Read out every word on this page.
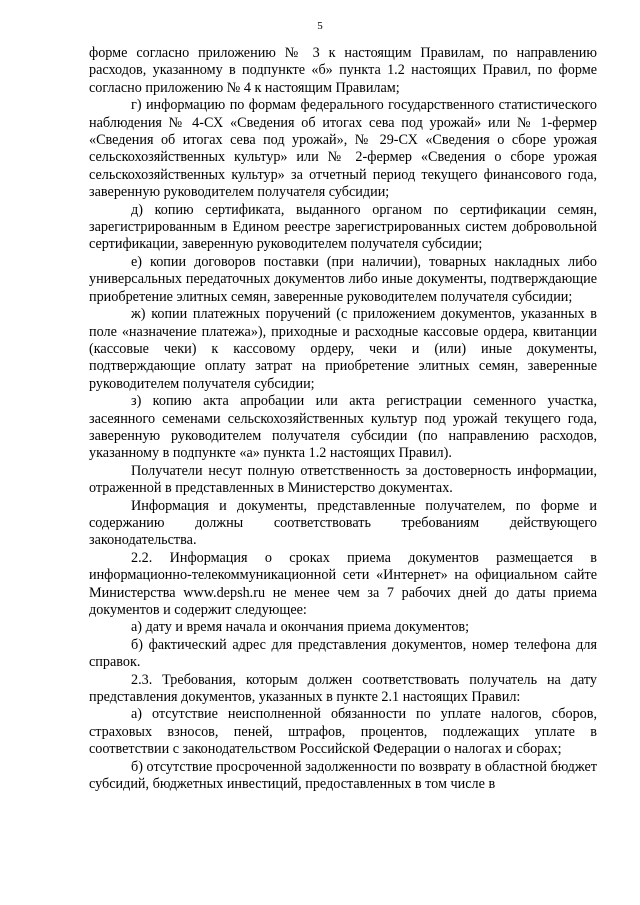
5

форме согласно приложению № 3 к настоящим Правилам, по направлению расходов, указанному в подпункте «б» пункта 1.2 настоящих Правил, по форме согласно приложению № 4 к настоящим Правилам;

г) информацию по формам федерального государственного статистического наблюдения № 4-СХ «Сведения об итогах сева под урожай» или № 1-фермер «Сведения об итогах сева под урожай», № 29-СХ «Сведения о сборе урожая сельскохозяйственных культур» или № 2-фермер «Сведения о сборе урожая сельскохозяйственных культур» за отчетный период текущего финансового года, заверенную руководителем получателя субсидии;

д) копию сертификата, выданного органом по сертификации семян, зарегистрированным в Едином реестре зарегистрированных систем добровольной сертификации, заверенную руководителем получателя субсидии;

е) копии договоров поставки (при наличии), товарных накладных либо универсальных передаточных документов либо иные документы, подтверждающие приобретение элитных семян, заверенные руководителем получателя субсидии;

ж) копии платежных поручений (с приложением документов, указанных в поле «назначение платежа»), приходные и расходные кассовые ордера, квитанции (кассовые чеки) к кассовому ордеру, чеки и (или) иные документы, подтверждающие оплату затрат на приобретение элитных семян, заверенные руководителем получателя субсидии;

з) копию акта апробации или акта регистрации семенного участка, засеянного семенами сельскохозяйственных культур под урожай текущего года, заверенную руководителем получателя субсидии (по направлению расходов, указанному в подпункте «а» пункта 1.2 настоящих Правил).

Получатели несут полную ответственность за достоверность информации, отраженной в представленных в Министерство документах.

Информация и документы, представленные получателем, по форме и содержанию должны соответствовать требованиям действующего законодательства.

2.2. Информация о сроках приема документов размещается в информационно-телекоммуникационной сети «Интернет» на официальном сайте Министерства www.depsh.ru не менее чем за 7 рабочих дней до даты приема документов и содержит следующее:

а) дату и время начала и окончания приема документов;

б) фактический адрес для представления документов, номер телефона для справок.

2.3. Требования, которым должен соответствовать получатель на дату представления документов, указанных в пункте 2.1 настоящих Правил:

а) отсутствие неисполненной обязанности по уплате налогов, сборов, страховых взносов, пеней, штрафов, процентов, подлежащих уплате в соответствии с законодательством Российской Федерации о налогах и сборах;

б) отсутствие просроченной задолженности по возврату в областной бюджет субсидий, бюджетных инвестиций, предоставленных в том числе в
